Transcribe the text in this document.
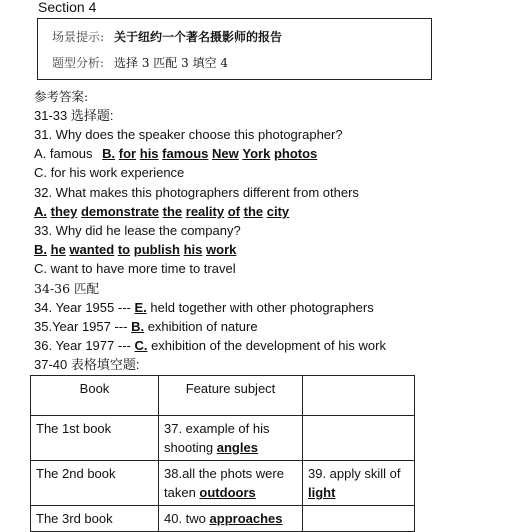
Section 4
场景提示: 关于纽约一个著名摄影师的报告
题型分析: 选择 3 匹配 3 填空 4
参考答案:
31-33 选择题:
31. Why does the speaker choose this photographer?
A. famous B. for his famous New York photos
C. for his work experience
32. What makes this photographers different from others
A. they demonstrate the reality of the city
33. Why did he lease the company?
B. he wanted to publish his work
C. want to have more time to travel
34-36 匹配
34. Year 1955 --- E. held together with other photographers
35.Year 1957 --- B. exhibition of nature
36. Year 1977 --- C. exhibition of the development of his work
37-40 表格填空题:
Book	Feature subject	
The 1st book	37. example of his shooting angles	
The 2nd book	38.all the phots were taken outdoors	39. apply skill of light
The 3rd book	40. two approaches	
